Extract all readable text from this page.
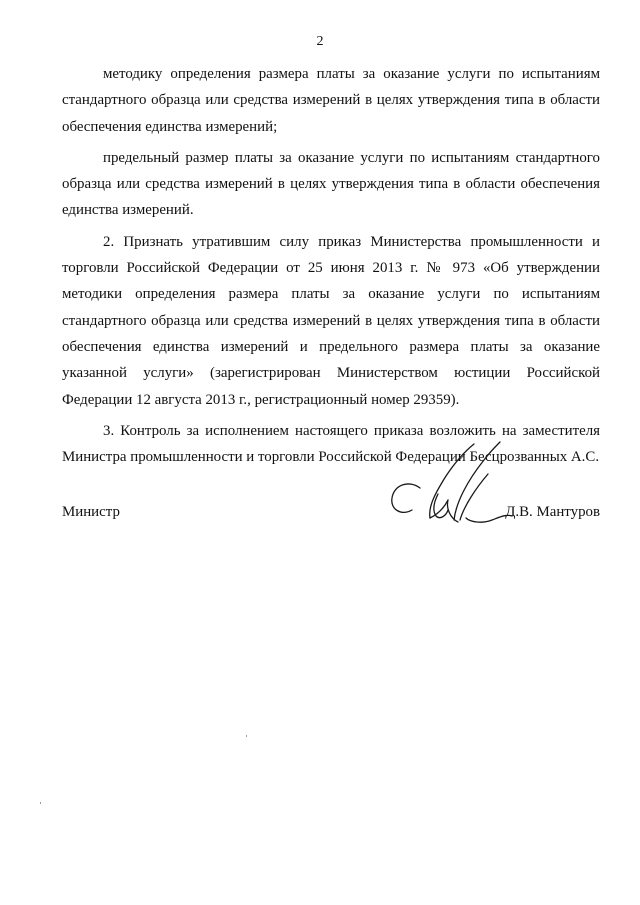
2

методику определения размера платы за оказание услуги по испытаниям стандартного образца или средства измерений в целях утверждения типа в области обеспечения единства измерений;

предельный размер платы за оказание услуги по испытаниям стандартного образца или средства измерений в целях утверждения типа в области обеспечения единства измерений.

2. Признать утратившим силу приказ Министерства промышленности и торговли Российской Федерации от 25 июня 2013 г. № 973 «Об утверждении методики определения размера платы за оказание услуги по испытаниям стандартного образца или средства измерений в целях утверждения типа в области обеспечения единства измерений и предельного размера платы за оказание указанной услуги» (зарегистрирован Министерством юстиции Российской Федерации 12 августа 2013 г., регистрационный номер 29359).

3. Контроль за исполнением настоящего приказа возложить на заместителя Министра промышленности и торговли Российской Федерации Бесцрозванных А.С.

Министр	Д.В. Мантуров
